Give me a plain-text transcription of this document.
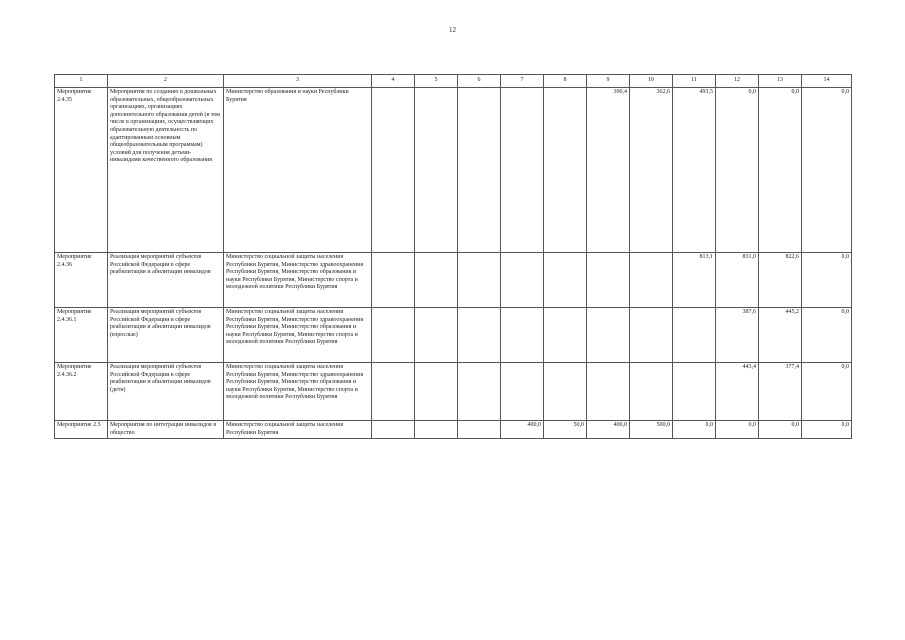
12
1	2	3	4	5	6	7	8	9	10	11	12	13	14
Мероприятие 2.4.35	Мероприятия по созданию в дошкольных образовательных, общеобразовательных организациях, организациях дополнительного образования детей (в том числе в организациях, осуществляющих образовательную деятельность по адаптированным основным общеобразовательным программам) условий для получения детьми-инвалидами качественного образования	Министерство образования и науки Республики Бурятия						390,4	362,6	493,5	0,0	0,0	0,0
Мероприятие 2.4.36	Реализация мероприятий субъектов Российской Федерации в сфере реабилитации и абилитации инвалидов	Министерство социальной защиты населения Республики Бурятия, Министерство здравоохранения Республики Бурятия, Министерство образования и науки Республики Бурятия, Министерство спорта и молодежной политики Республики Бурятия								813,1	831,0	822,6	0,0
Мероприятие 2.4.36.1	Реализация мероприятий субъектов Российской Федерации в сфере реабилитации и абилитации инвалидов (взрослые)	Министерство социальной защиты населения Республики Бурятия, Министерство здравоохранения Республики Бурятия, Министерство образования и науки Республики Бурятия, Министерство спорта и молодежной политики Республики Бурятия									387,6	445,2	0,0
Мероприятие 2.4.36.2	Реализация мероприятий субъектов Российской Федерации в сфере реабилитации и абилитации инвалидов (дети)	Министерство социальной защиты населения Республики Бурятия, Министерство здравоохранения Республики Бурятия, Министерство образования и науки Республики Бурятия, Министерство спорта и молодежной политики Республики Бурятия									443,4	377,4	0,0
Мероприятие 2.5	Мероприятия по интеграции инвалидов в общество	Министерство социальной защиты населения Республики Бурятия				400,0	50,0	400,0	500,0	0,0	0,0	0,0	0,0
